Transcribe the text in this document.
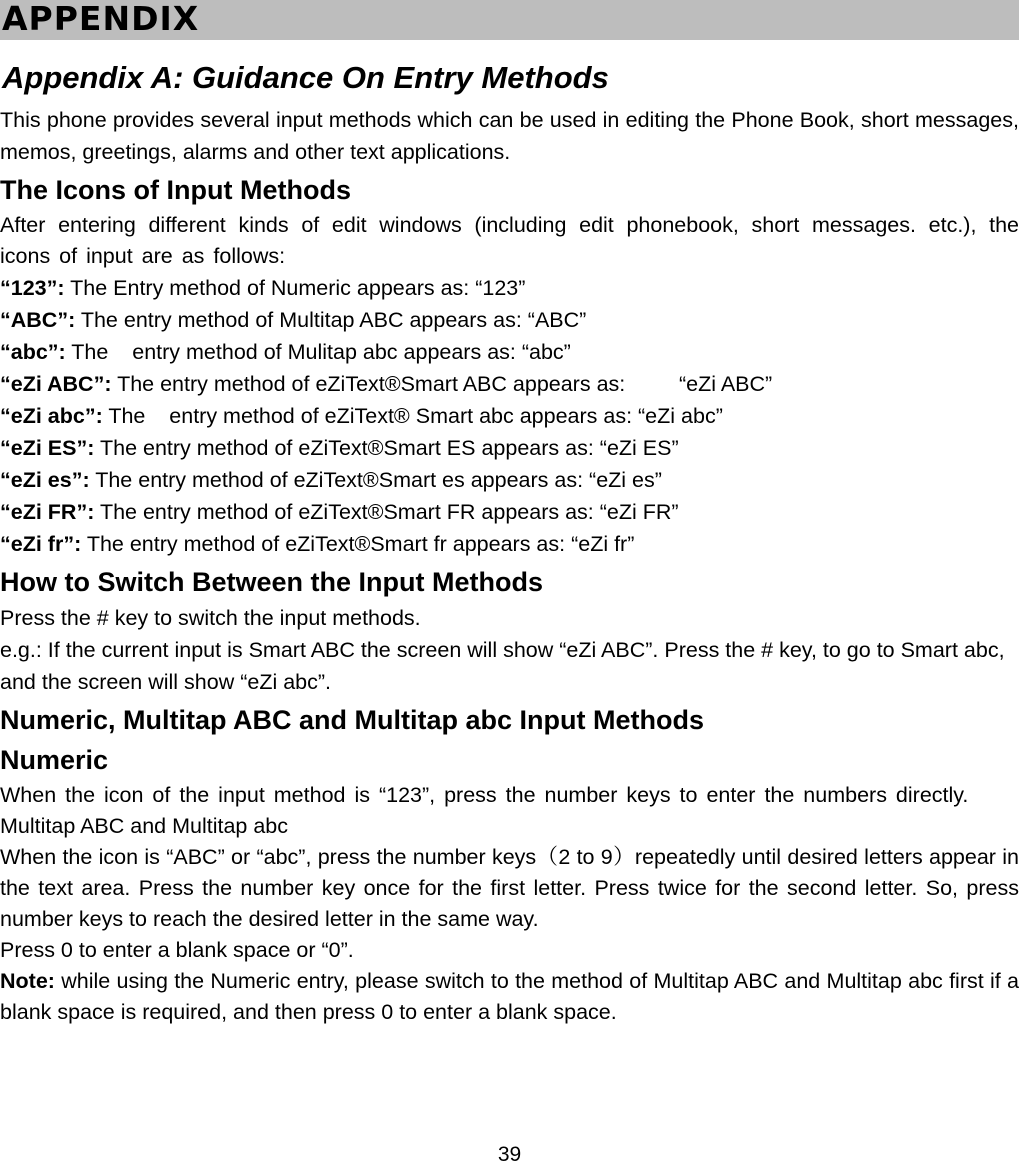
APPENDIX
Appendix A: Guidance On Entry Methods

This phone provides several input methods which can be used in editing the Phone Book, short messages, memos, greetings, alarms and other text applications.

The Icons of Input Methods

After entering different kinds of edit windows (including edit phonebook, short messages. etc.), the icons of input are as follows:

“123”: The Entry method of Numeric appears as: “123”
“ABC”: The entry method of Multitap ABC appears as: “ABC”
“abc”: The    entry method of Mulitap abc appears as: “abc”
“eZi ABC”: The entry method of eZiText®Smart ABC appears as:         “eZi ABC”
“eZi abc”: The    entry method of eZiText® Smart abc appears as: “eZi abc”
“eZi ES”: The entry method of eZiText®Smart ES appears as: “eZi ES”
“eZi es”: The entry method of eZiText®Smart es appears as: “eZi es”
“eZi FR”: The entry method of eZiText®Smart FR appears as: “eZi FR”
“eZi fr”: The entry method of eZiText®Smart fr appears as: “eZi fr”
How to Switch Between the Input Methods

Press the # key to switch the input methods.

e.g.: If the current input is Smart ABC the screen will show “eZi ABC”. Press the # key, to go to Smart abc, and the screen will show “eZi abc”.

Numeric, Multitap ABC and Multitap abc Input Methods
Numeric

When the icon of the input method is “123”, press the number keys to enter the numbers directly.

Multitap ABC and Multitap abc

When the icon is “ABC” or “abc”, press the number keys（2 to 9）repeatedly until desired letters appear in the text area. Press the number key once for the first letter. Press twice for the second letter. So, press number keys to reach the desired letter in the same way.

Press 0 to enter a blank space or “0”.

Note: while using the Numeric entry, please switch to the method of Multitap ABC and Multitap abc first if a blank space is required, and then press 0 to enter a blank space.

39
